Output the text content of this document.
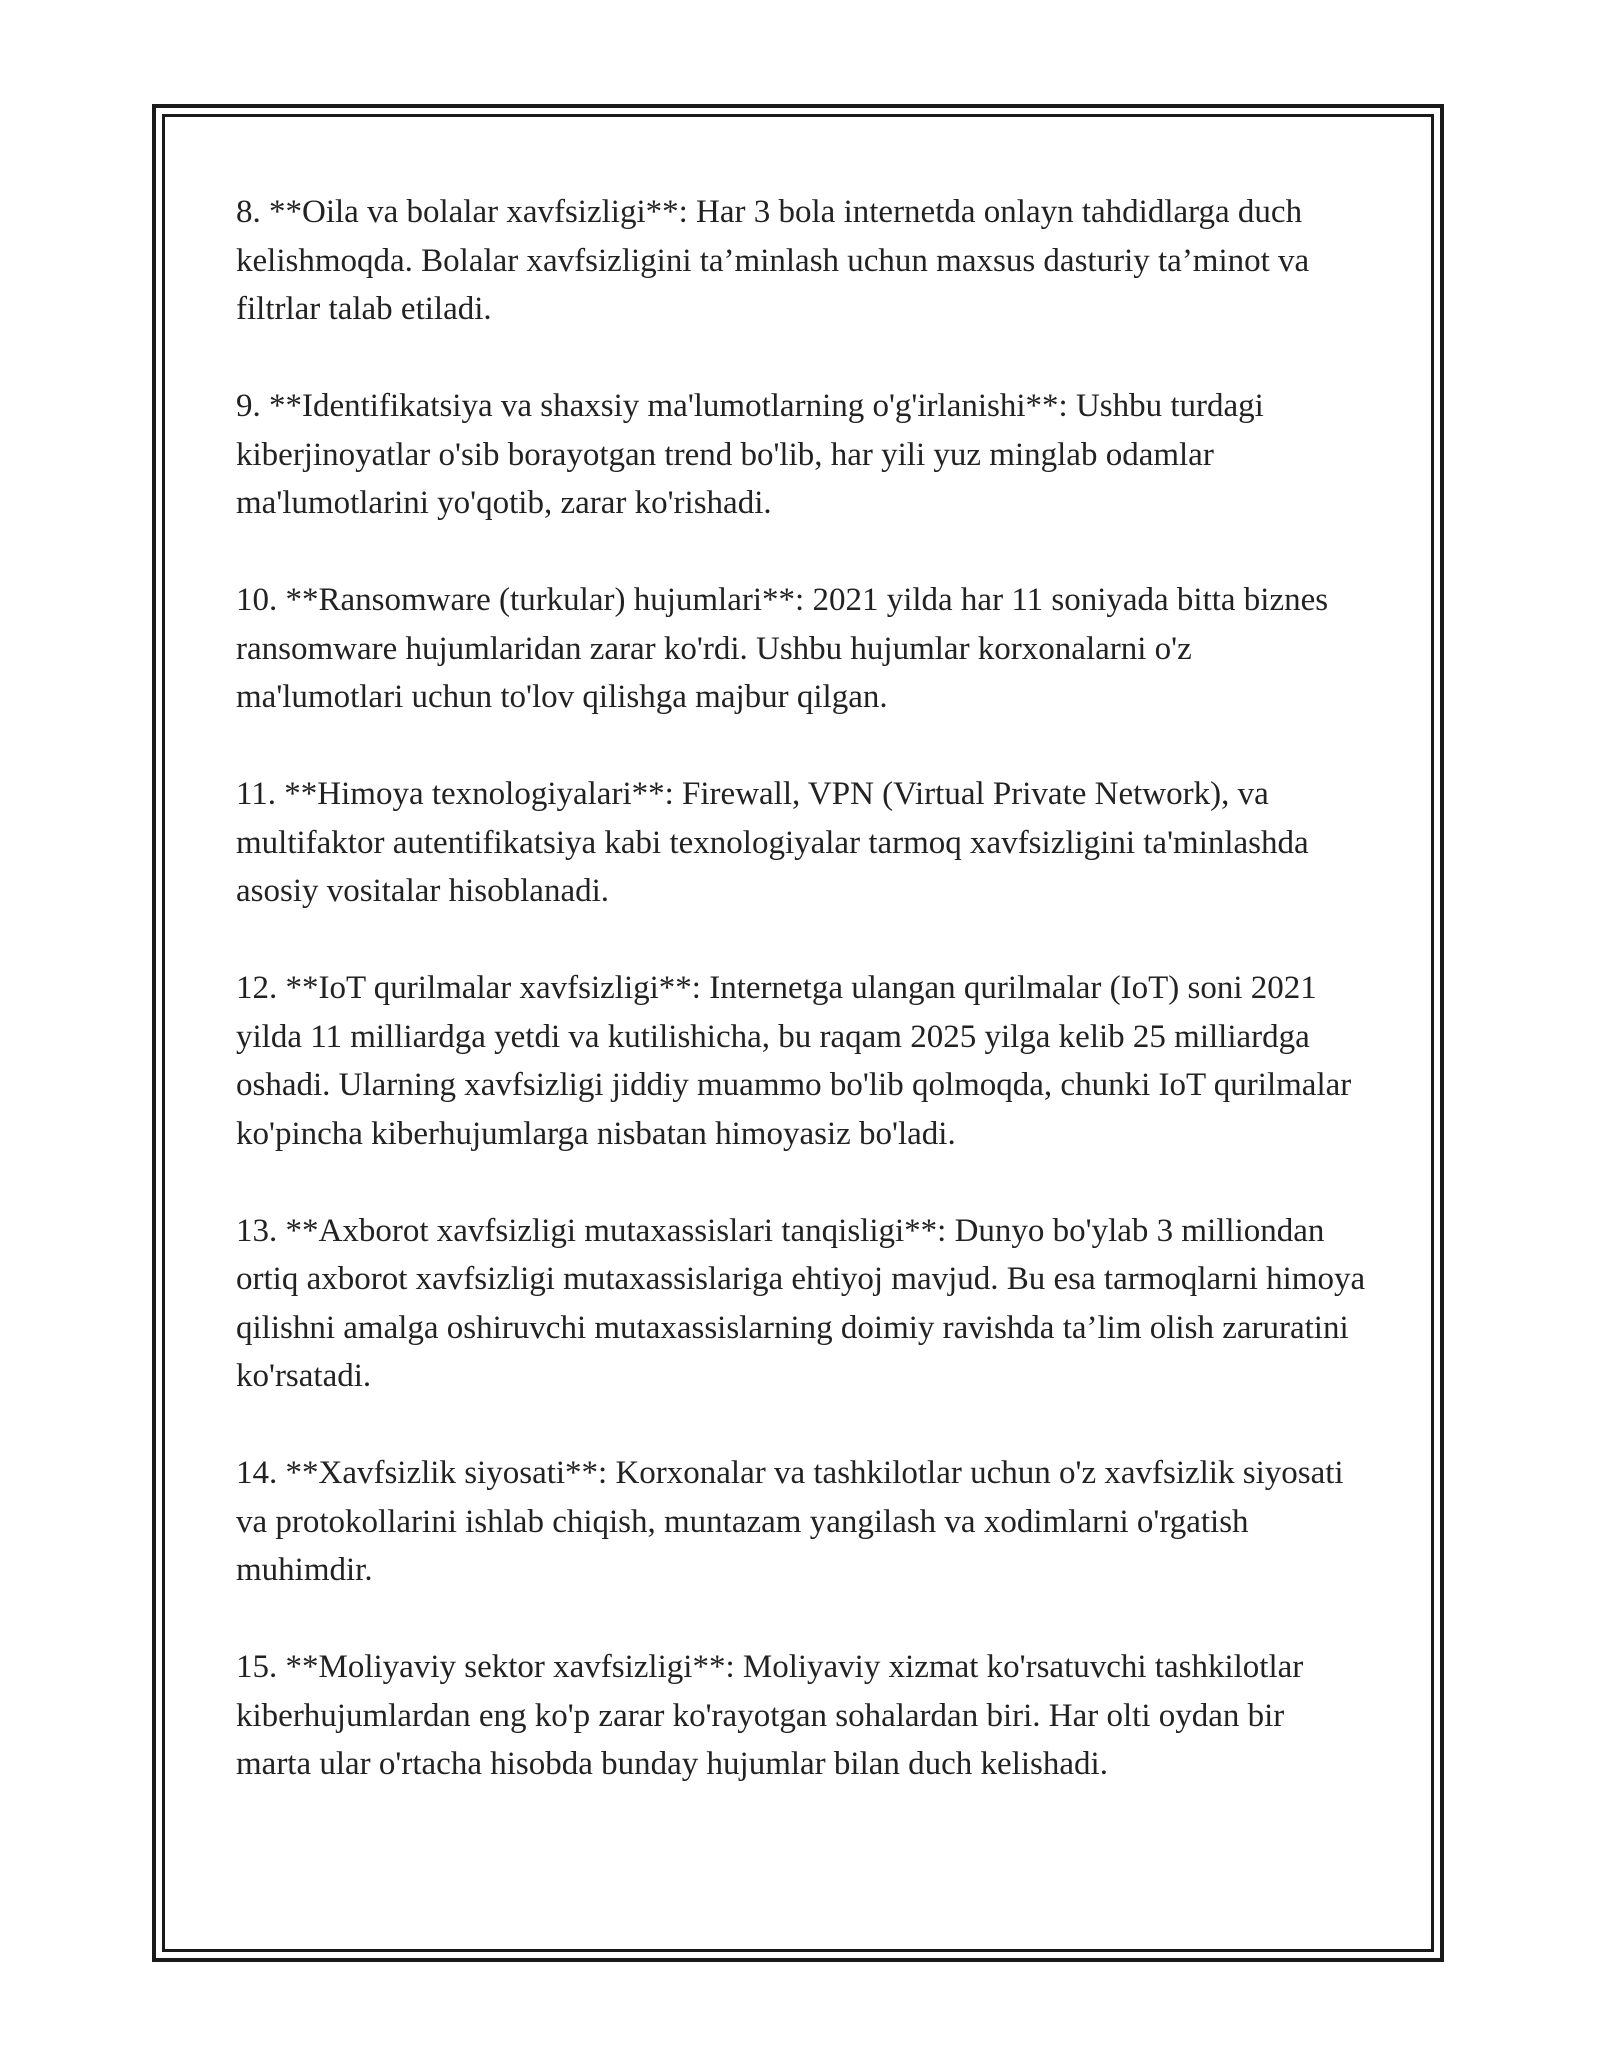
8. **Oila va bolalar xavfsizligi**: Har 3 bola internetda onlayn tahdidlarga duch kelishmoqda. Bolalar xavfsizligini ta’minlash uchun maxsus dasturiy ta’minot va filtrlar talab etiladi.

9. **Identifikatsiya va shaxsiy ma'lumotlarning o'g'irlanishi**: Ushbu turdagi kiberjinoyatlar o'sib borayotgan trend bo'lib, har yili yuz minglab odamlar ma'lumotlarini yo'qotib, zarar ko'rishadi.

10. **Ransomware (turkular) hujumlari**: 2021 yilda har 11 soniyada bitta biznes ransomware hujumlaridan zarar ko'rdi. Ushbu hujumlar korxonalarni o'z ma'lumotlari uchun to'lov qilishga majbur qilgan.

11. **Himoya texnologiyalari**: Firewall, VPN (Virtual Private Network), va multifaktor autentifikatsiya kabi texnologiyalar tarmoq xavfsizligini ta'minlashda asosiy vositalar hisoblanadi.

12. **IoT qurilmalar xavfsizligi**: Internetga ulangan qurilmalar (IoT) soni 2021 yilda 11 milliardga yetdi va kutilishicha, bu raqam 2025 yilga kelib 25 milliardga oshadi. Ularning xavfsizligi jiddiy muammo bo'lib qolmoqda, chunki IoT qurilmalar ko'pincha kiberhujumlarga nisbatan himoyasiz bo'ladi.

13. **Axborot xavfsizligi mutaxassislari tanqisligi**: Dunyo bo'ylab 3 milliondan ortiq axborot xavfsizligi mutaxassislariga ehtiyoj mavjud. Bu esa tarmoqlarni himoya qilishni amalga oshiruvchi mutaxassislarning doimiy ravishda ta’lim olish zaruratini ko'rsatadi.

14. **Xavfsizlik siyosati**: Korxonalar va tashkilotlar uchun o'z xavfsizlik siyosati va protokollarini ishlab chiqish, muntazam yangilash va xodimlarni o'rgatish muhimdir.

15. **Moliyaviy sektor xavfsizligi**: Moliyaviy xizmat ko'rsatuvchi tashkilotlar kiberhujumlardan eng ko'p zarar ko'rayotgan sohalardan biri. Har olti oydan bir marta ular o'rtacha hisobda bunday hujumlar bilan duch kelishadi.
